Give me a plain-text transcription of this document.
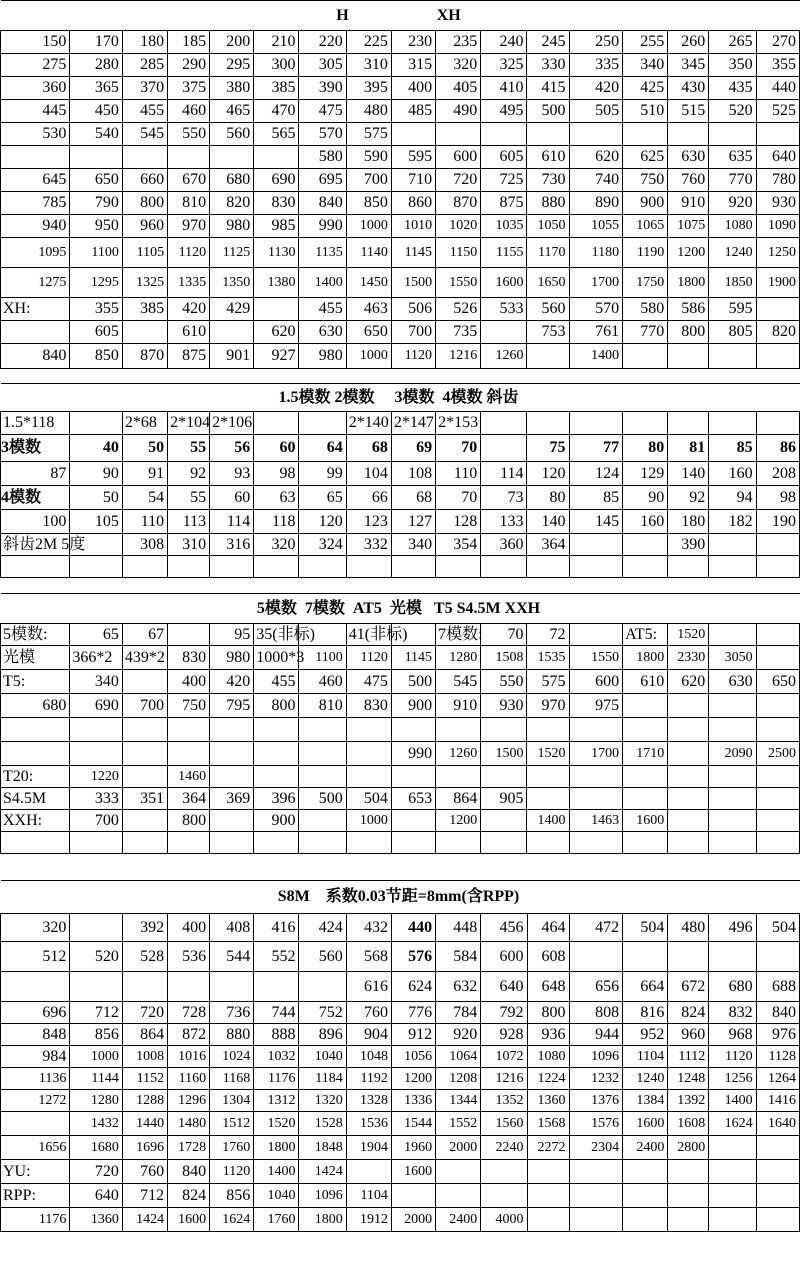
H                      XH																
150	170	180	185	200	210	220	225	230	235	240	245	250	255	260	265	270
275	280	285	290	295	300	305	310	315	320	325	330	335	340	345	350	355
360	365	370	375	380	385	390	395	400	405	410	415	420	425	430	435	440
445	450	455	460	465	470	475	480	485	490	495	500	505	510	515	520	525
530	540	545	550	560	565	570	575									
						580	590	595	600	605	610	620	625	630	635	640
645	650	660	670	680	690	695	700	710	720	725	730	740	750	760	770	780
785	790	800	810	820	830	840	850	860	870	875	880	890	900	910	920	930
940	950	960	970	980	985	990	1000	1010	1020	1035	1050	1055	1065	1075	1080	1090
1095	1100	1105	1120	1125	1130	1135	1140	1145	1150	1155	1170	1180	1190	1200	1240	1250
1275	1295	1325	1335	1350	1380	1400	1450	1500	1550	1600	1650	1700	1750	1800	1850	1900
XH:	355	385	420	429		455	463	506	526	533	560	570	580	586	595	
	605		610		620	630	650	700	735		753	761	770	800	805	820
840	850	870	875	901	927	980	1000	1120	1216	1260		1400				
1.5模数 2模数     3模数  4模数 斜齿																
1.5*118		2*68	2*104	2*106			2*140	2*147	2*153							
3模数	40	50	55	56	60	64	68	69	70		75	77	80	81	85	86
87	90	91	92	93	98	99	104	108	110	114	120	124	129	140	160	208
4模数	50	54	55	60	63	65	66	68	70	73	80	85	90	92	94	98
100	105	110	113	114	118	120	123	127	128	133	140	145	160	180	182	190
斜齿2M 5度		308	310	316	320	324	332	340	354	360	364			390		

5模数  7模数  AT5  光模   T5 S4.5M XXH																
5模数:	65	67		95	35(非标)		41(非标)		7模数:	70	72		AT5:	1520		
光模	366*2	439*2	830	980	1000*3	1100	1120	1145	1280	1508	1535	1550	1800	2330	3050	
T5:	340		400	420	455	460	475	500	545	550	575	600	610	620	630	650
680	690	700	750	795	800	810	830	900	910	930	970	975				

								990	1260	1500	1520	1700	1710		2090	2500
T20:	1220		1460													
S4.5M	333	351	364	369	396	500	504	653	864	905						
XXH:	700		800		900		1000		1200		1400	1463	1600			

S8M    系数0.03节距=8mm(含RPP)																
320		392	400	408	416	424	432	440	448	456	464	472	504	480	496	504
512	520	528	536	544	552	560	568	576	584	600	608					
							616	624	632	640	648	656	664	672	680	688
696	712	720	728	736	744	752	760	776	784	792	800	808	816	824	832	840
848	856	864	872	880	888	896	904	912	920	928	936	944	952	960	968	976
984	1000	1008	1016	1024	1032	1040	1048	1056	1064	1072	1080	1096	1104	1112	1120	1128
1136	1144	1152	1160	1168	1176	1184	1192	1200	1208	1216	1224	1232	1240	1248	1256	1264
1272	1280	1288	1296	1304	1312	1320	1328	1336	1344	1352	1360	1376	1384	1392	1400	1416
	1432	1440	1480	1512	1520	1528	1536	1544	1552	1560	1568	1576	1600	1608	1624	1640
1656	1680	1696	1728	1760	1800	1848	1904	1960	2000	2240	2272	2304	2400	2800		
YU:	720	760	840	1120	1400	1424		1600								
RPP:	640	712	824	856	1040	1096	1104									
1176	1360	1424	1600	1624	1760	1800	1912	2000	2400	4000						
